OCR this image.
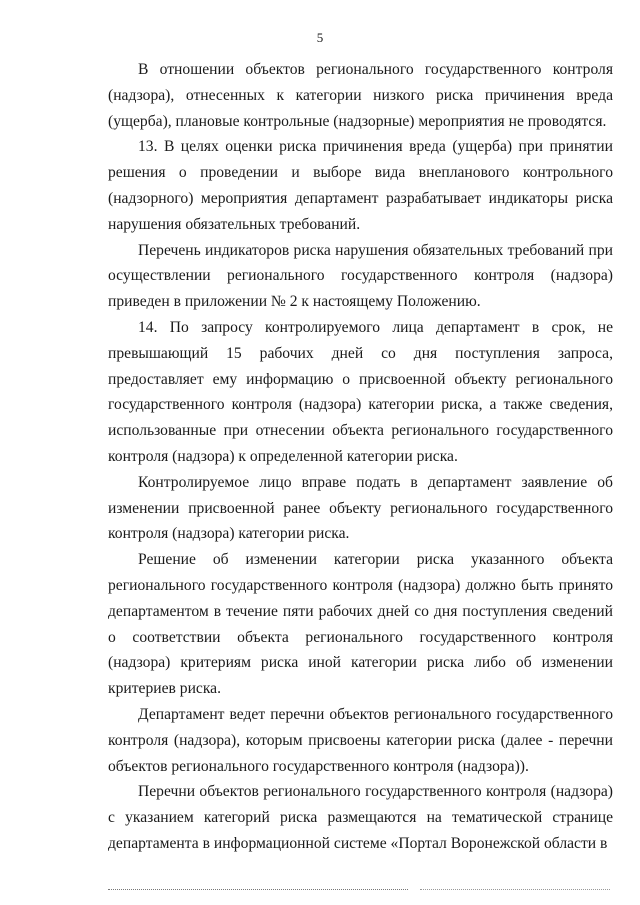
5

В отношении объектов регионального государственного контроля (надзора), отнесенных к категории низкого риска причинения вреда (ущерба), плановые контрольные (надзорные) мероприятия не проводятся.

13. В целях оценки риска причинения вреда (ущерба) при принятии решения о проведении и выборе вида внепланового контрольного (надзорного) мероприятия департамент разрабатывает индикаторы риска нарушения обязательных требований.

Перечень индикаторов риска нарушения обязательных требований при осуществлении регионального государственного контроля (надзора) приведен в приложении № 2 к настоящему Положению.

14. По запросу контролируемого лица департамент в срок, не превышающий 15 рабочих дней со дня поступления запроса, предоставляет ему информацию о присвоенной объекту регионального государственного контроля (надзора) категории риска, а также сведения, использованные при отнесении объекта регионального государственного контроля (надзора) к определенной категории риска.

Контролируемое лицо вправе подать в департамент заявление об изменении присвоенной ранее объекту регионального государственного контроля (надзора) категории риска.

Решение об изменении категории риска указанного объекта регионального государственного контроля (надзора) должно быть принято департаментом в течение пяти рабочих дней со дня поступления сведений о соответствии объекта регионального государственного контроля (надзора) критериям риска иной категории риска либо об изменении критериев риска.

Департамент ведет перечни объектов регионального государственного контроля (надзора), которым присвоены категории риска (далее - перечни объектов регионального государственного контроля (надзора)).

Перечни объектов регионального государственного контроля (надзора) с указанием категорий риска размещаются на тематической странице департамента в информационной системе «Портал Воронежской области в
